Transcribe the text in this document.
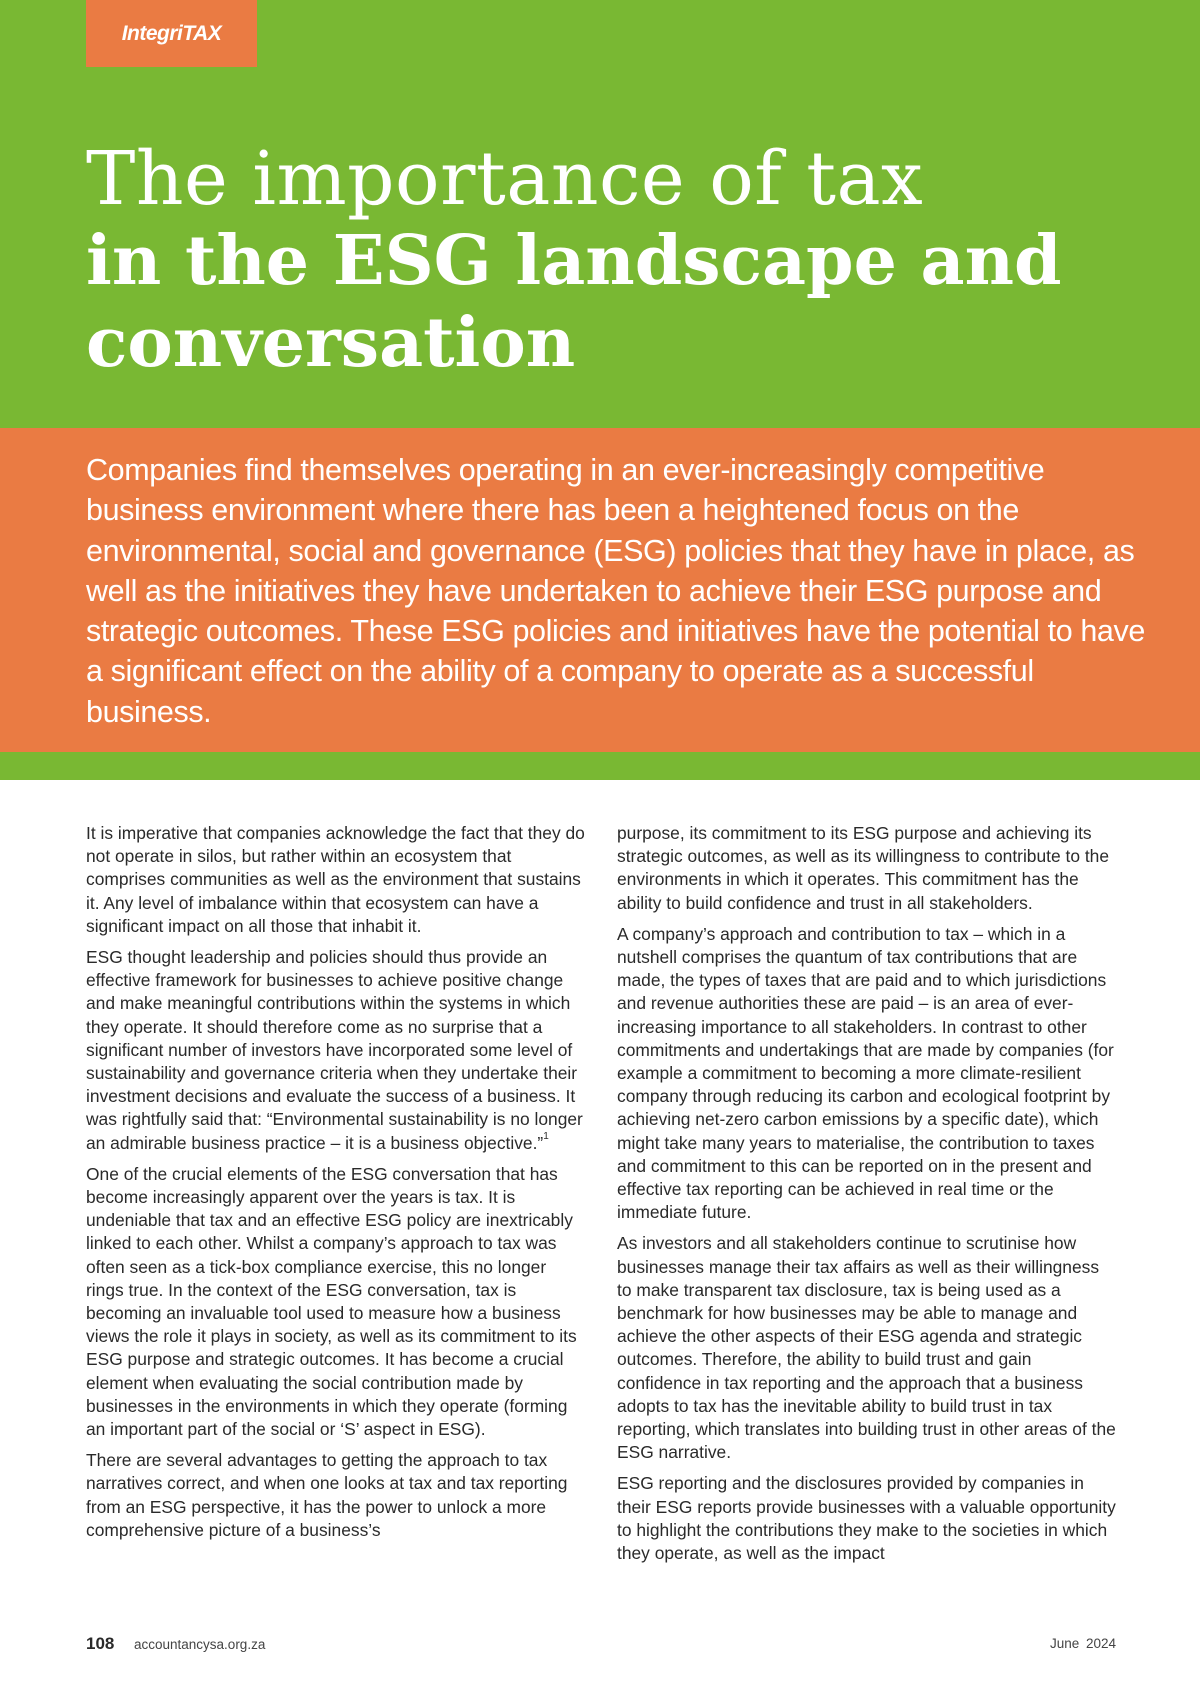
IntegriTAX
The importance of tax
in the ESG landscape and
conversation

Companies find themselves operating in an ever-increasingly competitive business environment where there has been a heightened focus on the environmental, social and governance (ESG) policies that they have in place, as well as the initiatives they have undertaken to achieve their ESG purpose and strategic outcomes. These ESG policies and initiatives have the potential to have a significant effect on the ability of a company to operate as a successful business.

It is imperative that companies acknowledge the fact that they do not operate in silos, but rather within an ecosystem that comprises communities as well as the environment that sustains it. Any level of imbalance within that ecosystem can have a significant impact on all those that inhabit it.

ESG thought leadership and policies should thus provide an effective framework for businesses to achieve positive change and make meaningful contributions within the systems in which they operate. It should therefore come as no surprise that a significant number of investors have incorporated some level of sustainability and governance criteria when they undertake their investment decisions and evaluate the success of a business. It was rightfully said that: “Environmental sustainability is no longer an admirable business practice – it is a business objective.”$^1$

One of the crucial elements of the ESG conversation that has become increasingly apparent over the years is tax. It is undeniable that tax and an effective ESG policy are inextricably linked to each other. Whilst a company’s approach to tax was often seen as a tick-box compliance exercise, this no longer rings true. In the context of the ESG conversation, tax is becoming an invaluable tool used to measure how a business views the role it plays in society, as well as its commitment to its ESG purpose and strategic outcomes. It has become a crucial element when evaluating the social contribution made by businesses in the environments in which they operate (forming an important part of the social or ‘S’ aspect in ESG).

There are several advantages to getting the approach to tax narratives correct, and when one looks at tax and tax reporting from an ESG perspective, it has the power to unlock a more comprehensive picture of a business’s

purpose, its commitment to its ESG purpose and achieving its strategic outcomes, as well as its willingness to contribute to the environments in which it operates. This commitment has the ability to build confidence and trust in all stakeholders.

A company’s approach and contribution to tax – which in a nutshell comprises the quantum of tax contributions that are made, the types of taxes that are paid and to which jurisdictions and revenue authorities these are paid – is an area of ever-increasing importance to all stakeholders. In contrast to other commitments and undertakings that are made by companies (for example a commitment to becoming a more climate-resilient company through reducing its carbon and ecological footprint by achieving net-zero carbon emissions by a specific date), which might take many years to materialise, the contribution to taxes and commitment to this can be reported on in the present and effective tax reporting can be achieved in real time or the immediate future.

As investors and all stakeholders continue to scrutinise how businesses manage their tax affairs as well as their willingness to make transparent tax disclosure, tax is being used as a benchmark for how businesses may be able to manage and achieve the other aspects of their ESG agenda and strategic outcomes. Therefore, the ability to build trust and gain confidence in tax reporting and the approach that a business adopts to tax has the inevitable ability to build trust in tax reporting, which translates into building trust in other areas of the ESG narrative.

ESG reporting and the disclosures provided by companies in their ESG reports provide businesses with a valuable opportunity to highlight the contributions they make to the societies in which they operate, as well as the impact

108 accountancysa.org.za	June 2024
